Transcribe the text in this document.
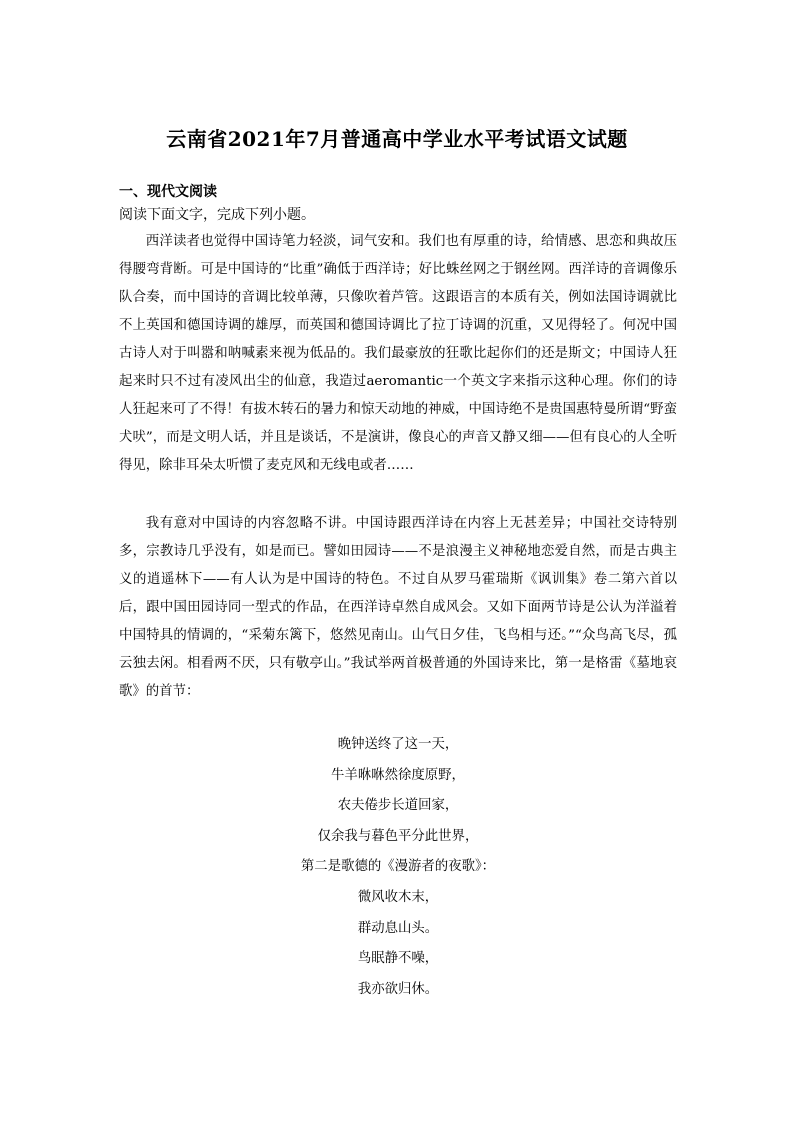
云南省2021年7月普通高中学业水平考试语文试题
一、现代文阅读
阅读下面文字，完成下列小题。
西洋读者也觉得中国诗笔力轻淡，词气安和。我们也有厚重的诗，给情感、思恋和典故压得腰弯背断。可是中国诗的“比重”确低于西洋诗；好比蛛丝网之于钢丝网。西洋诗的音调像乐队合奏，而中国诗的音调比较单薄，只像吹着芦管。这跟语言的本质有关，例如法国诗调就比不上英国和德国诗调的雄厚，而英国和德国诗调比了拉丁诗调的沉重，又见得轻了。何况中国古诗人对于叫嚣和呐喊素来视为低品的。我们最豪放的狂歌比起你们的还是斯文；中国诗人狂起来时只不过有凌风出尘的仙意，我造过aeromantic一个英文字来指示这种心理。你们的诗人狂起来可了不得！有拔木转石的暑力和惊天动地的神威，中国诗绝不是贵国惠特曼所谓“野蛮犬吠”，而是文明人话，并且是谈话，不是演讲，像良心的声音又静又细——但有良心的人全听得见，除非耳朵太听惯了麦克风和无线电或者……
我有意对中国诗的内容忽略不讲。中国诗跟西洋诗在内容上无甚差异；中国社交诗特别多，宗教诗几乎没有，如是而已。譬如田园诗——不是浪漫主义神秘地恋爱自然，而是古典主义的逍遥林下——有人认为是中国诗的特色。不过自从罗马霍瑞斯《讽训集》卷二第六首以后，跟中国田园诗同一型式的作品，在西洋诗卓然自成风会。又如下面两节诗是公认为洋溢着中国特具的情调的，“采菊东篱下，悠然见南山。山气日夕佳，飞鸟相与还。”“众鸟高飞尽，孤云独去闲。相看两不厌，只有敬亭山。”我试举两首极普通的外国诗来比，第一是格雷《墓地哀歌》的首节：
晚钟送终了这一天，
牛羊咻咻然徐度原野，
农夫倦步长道回家，
仅余我与暮色平分此世界，
第二是歌德的《漫游者的夜歌》：
微风收木末，
群动息山头。
鸟眠静不噪，
我亦欲归休。
